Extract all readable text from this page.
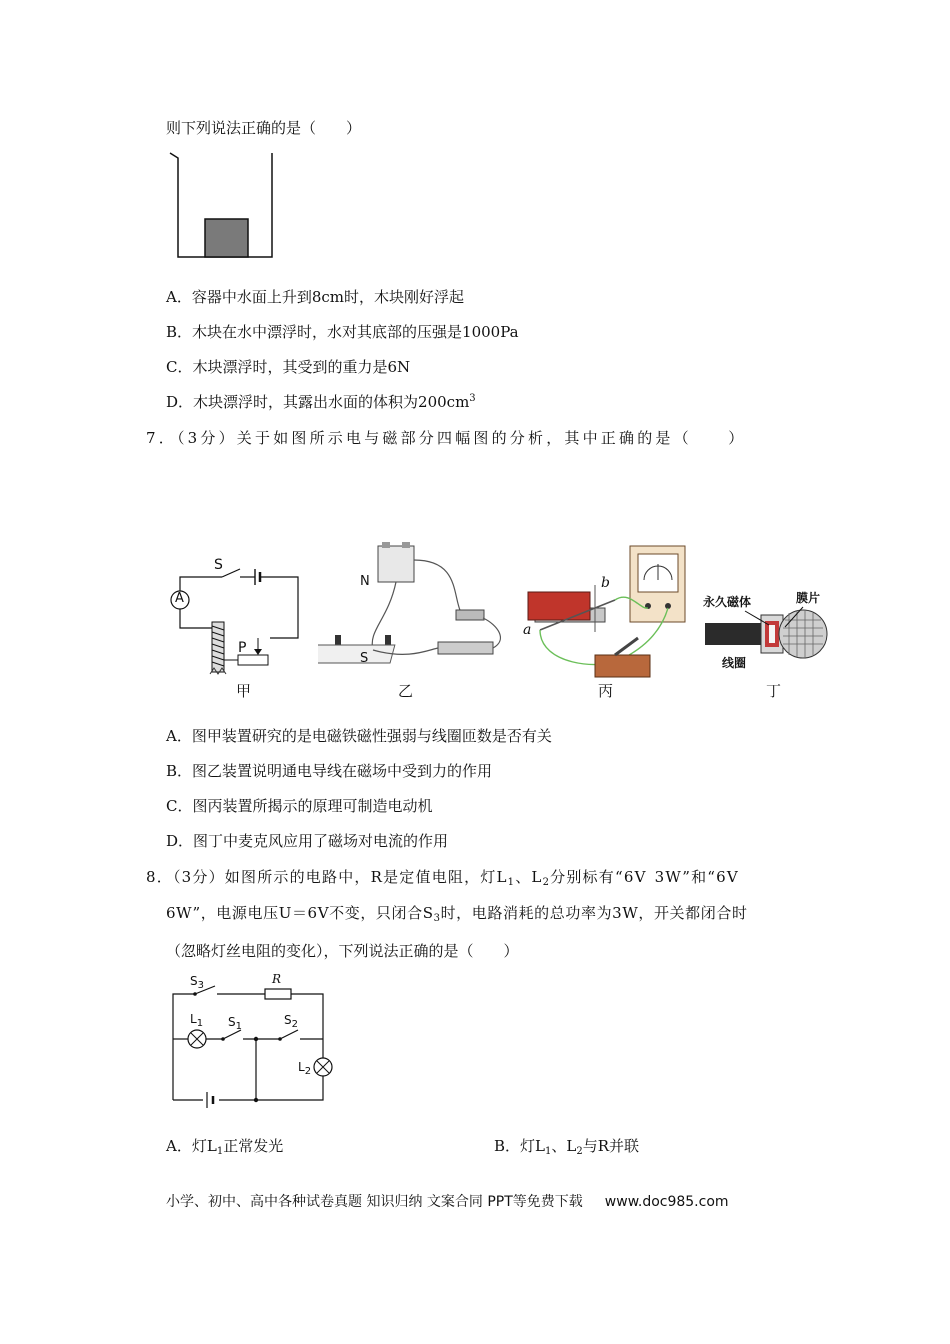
则下列说法正确的是（　　）
A．容器中水面上升到8cm时，木块刚好浮起
B．木块在水中漂浮时，水对其底部的压强是1000Pa
C．木块漂浮时，其受到的重力是6N
D．木块漂浮时，其露出水面的体积为$200cm^3$
7．（3分）关于如图所示电与磁部分四幅图的分析，其中正确的是（　　）
S
A
P
甲
N
S
乙
a
b
丙
永久磁体	膜片
线圈
丁
A．图甲装置研究的是电磁铁磁性强弱与线圈匝数是否有关
B．图乙装置说明通电导线在磁场中受到力的作用
C．图丙装置所揭示的原理可制造电动机
D．图丁中麦克风应用了磁场对电流的作用
8．（3分）如图所示的电路中，R是定值电阻，灯$L_1$、$L_2$分别标有“6V 3W”和“6V
6W”，电源电压U＝6V不变，只闭合$S_3$时，电路消耗的总功率为3W，开关都闭合时
（忽略灯丝电阻的变化），下列说法正确的是（　　）
$S_3$	R
$L_1$ $S_1$	$S_2$
$L_2$
A．灯$L_1$正常发光	B．灯$L_1$、$L_2$与R并联
小学、初中、高中各种试卷真题 知识归纳 文案合同 PPT等免费下载 www.doc985.com
